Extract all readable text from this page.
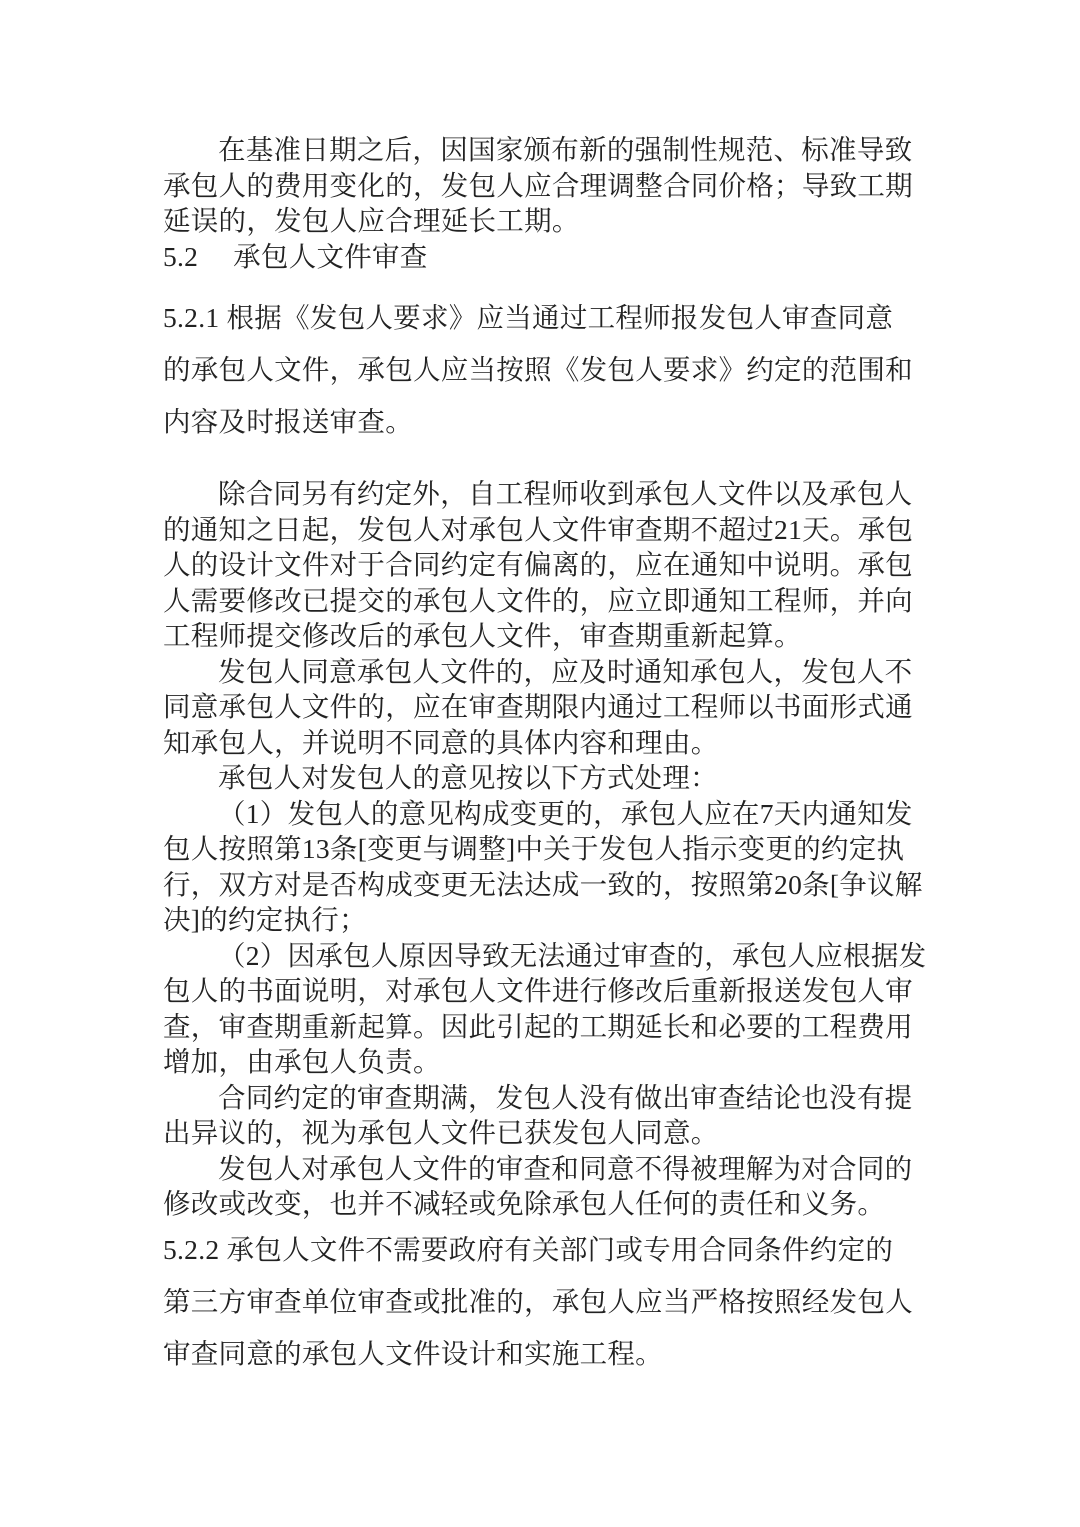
在基准日期之后，因国家颁布新的强制性规范、标准导致
承包人的费用变化的，发包人应合理调整合同价格；导致工期
延误的，发包人应合理延长工期。
5.2　 承包人文件审查
5.2.1 根据《发包人要求》应当通过工程师报发包人审查同意
的承包人文件，承包人应当按照《发包人要求》约定的范围和
内容及时报送审查。
除合同另有约定外，自工程师收到承包人文件以及承包人
的通知之日起，发包人对承包人文件审查期不超过21天。承包
人的设计文件对于合同约定有偏离的，应在通知中说明。承包
人需要修改已提交的承包人文件的，应立即通知工程师，并向
工程师提交修改后的承包人文件，审查期重新起算。
发包人同意承包人文件的，应及时通知承包人，发包人不
同意承包人文件的，应在审查期限内通过工程师以书面形式通
知承包人，并说明不同意的具体内容和理由。
承包人对发包人的意见按以下方式处理：
（1）发包人的意见构成变更的，承包人应在7天内通知发
包人按照第13条[变更与调整]中关于发包人指示变更的约定执
行，双方对是否构成变更无法达成一致的，按照第20条[争议解
决]的约定执行；
（2）因承包人原因导致无法通过审查的，承包人应根据发
包人的书面说明，对承包人文件进行修改后重新报送发包人审
查，审查期重新起算。因此引起的工期延长和必要的工程费用
增加，由承包人负责。
合同约定的审查期满，发包人没有做出审查结论也没有提
出异议的，视为承包人文件已获发包人同意。
发包人对承包人文件的审查和同意不得被理解为对合同的
修改或改变，也并不减轻或免除承包人任何的责任和义务。
5.2.2 承包人文件不需要政府有关部门或专用合同条件约定的
第三方审查单位审查或批准的，承包人应当严格按照经发包人
审查同意的承包人文件设计和实施工程。
